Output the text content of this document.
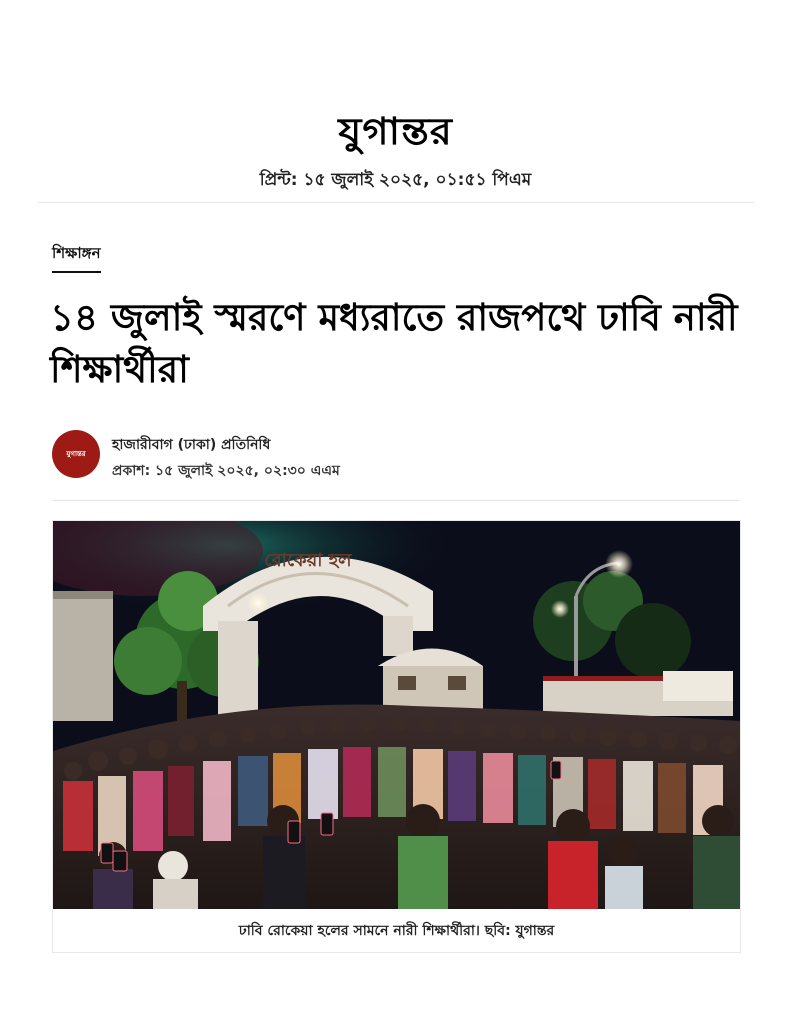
যুগান্তর
প্রিন্ট: ১৫ জুলাই ২০২৫, ০১:৫১ পিএম
শিক্ষাঙ্গন
১৪ জুলাই স্মরণে মধ্যরাতে রাজপথে ঢাবি নারী শিক্ষার্থীরা
যুগান্তর
হাজারীবাগ (ঢাকা) প্রতিনিধি
প্রকাশ: ১৫ জুলাই ২০২৫, ০২:৩০ এএম
রোকেয়া হল
ঢাবি রোকেয়া হলের সামনে নারী শিক্ষার্থীরা। ছবি: যুগান্তর
